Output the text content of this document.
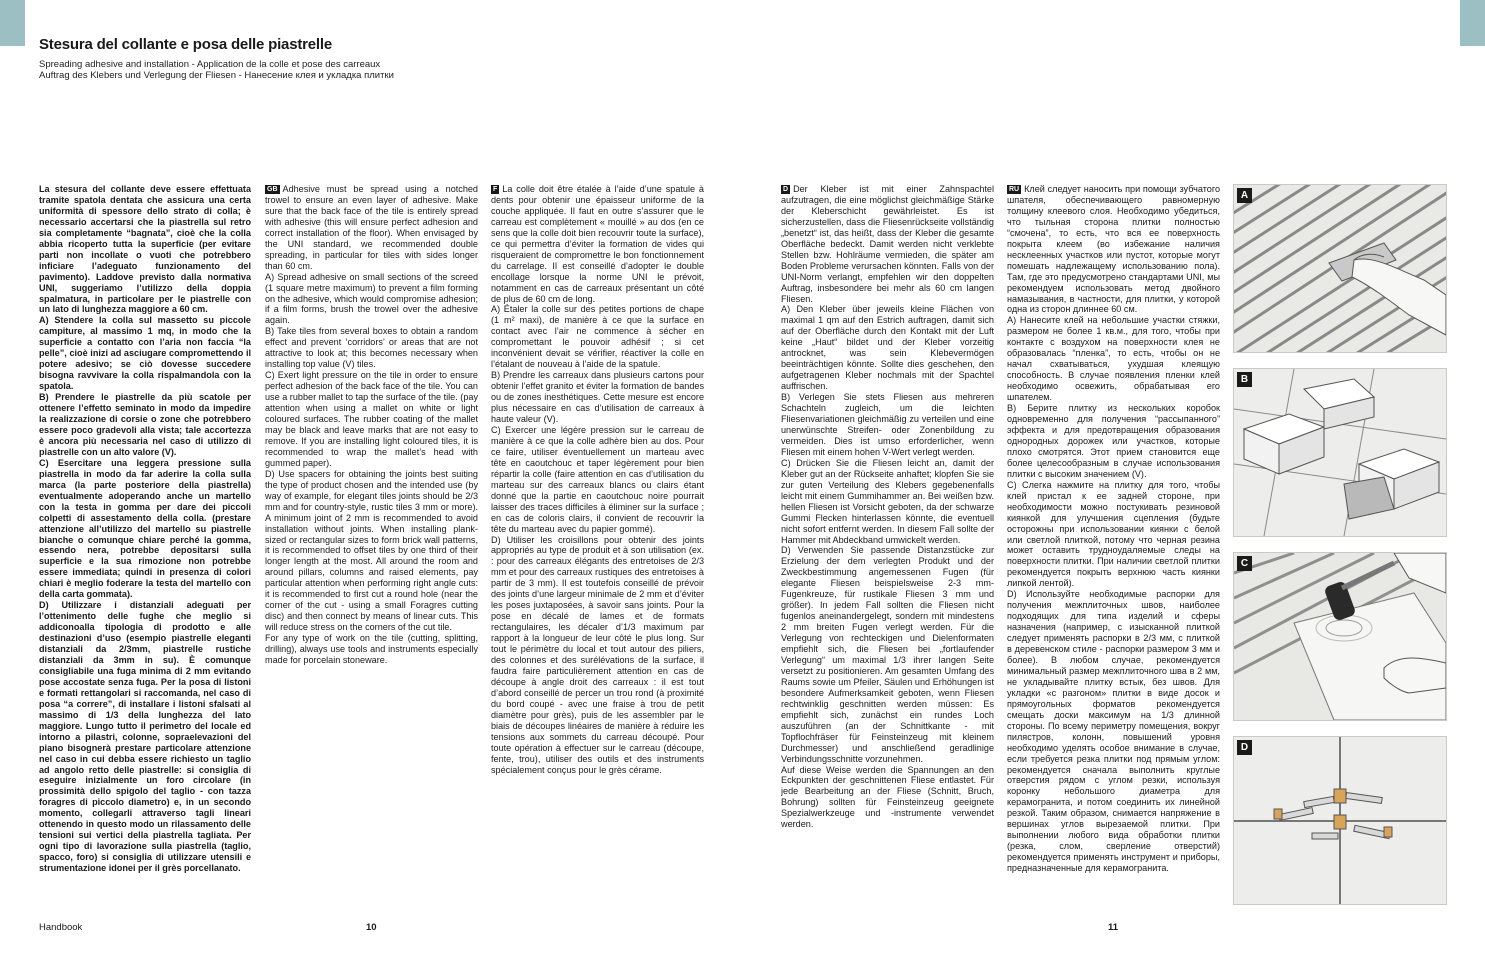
Stesura del collante e posa delle piastrelle
Spreading adhesive and installation - Application de la colle et pose des carreaux
Auftrag des Klebers und Verlegung der Fliesen - Нанесение клея и укладка плитки

La stesura del collante deve essere effettuata tramite spatola dentata che assicura una certa uniformità di spessore dello strato di colla; è necessario accertarsi che la piastrella sul retro sia completamente “bagnata”, cioè che la colla abbia ricoperto tutta la superficie (per evitare parti non incollate o vuoti che potrebbero inficiare l’adeguato funzionamento del pavimento). Laddove previsto dalla normativa UNI, suggeriamo l’utilizzo della doppia spalmatura, in particolare per le piastrelle con un lato di lunghezza maggiore a 60 cm.

A) Stendere la colla sul massetto su piccole campiture, al massimo 1 mq, in modo che la superficie a contatto con l’aria non faccia “la pelle”, cioè inizi ad asciugare compromettendo il potere adesivo; se ciò dovesse succedere bisogna ravvivare la colla rispalmandola con la spatola.

B) Prendere le piastrelle da più scatole per ottenere l’effetto seminato in modo da impedire la realizzazione di corsie o zone che potrebbero essere poco gradevoli alla vista; tale accortezza è ancora più necessaria nel caso di utilizzo di piastrelle con un alto valore (V).

C) Esercitare una leggera pressione sulla piastrella in modo da far aderire la colla sulla marca (la parte posteriore della piastrella) eventualmente adoperando anche un martello con la testa in gomma per dare dei piccoli colpetti di assestamento della colla. (prestare attenzione all’utilizzo del martello su piastrelle bianche o comunque chiare perché la gomma, essendo nera, potrebbe depositarsi sulla superficie e la sua rimozione non potrebbe essere immediata; quindi in presenza di colori chiari è meglio foderare la testa del martello con della carta gommata).

D) Utilizzare i distanziali adeguati per l’ottenimento delle fughe che meglio si addiconoalla tipologia di prodotto e alle destinazioni d’uso (esempio piastrelle eleganti distanziali da 2/3mm, piastrelle rustiche distanziali da 3mm in su). È comunque consigliabile una fuga minima di 2 mm evitando pose accostate senza fuga. Per la posa di listoni e formati rettangolari si raccomanda, nel caso di posa “a correre”, di installare i listoni sfalsati al massimo di 1/3 della lunghezza del lato maggiore. Lungo tutto il perimetro del locale ed intorno a pilastri, colonne, sopraelevazioni del piano bisognerà prestare particolare attenzione nel caso in cui debba essere richiesto un taglio ad angolo retto delle piastrelle: si consiglia di eseguire inizialmente un foro circolare (in prossimità dello spigolo del taglio - con tazza foragres di piccolo diametro) e, in un secondo momento, collegarli attraverso tagli lineari ottenendo in questo modo un rilassamento delle tensioni sui vertici della piastrella tagliata. Per ogni tipo di lavorazione sulla piastrella (taglio, spacco, foro) si consiglia di utilizzare utensili e strumentazione idonei per il grès porcellanato.

GB Adhesive must be spread using a notched trowel to ensure an even layer of adhesive. Make sure that the back face of the tile is entirely spread with adhesive (this will ensure perfect adhesion and correct installation of the floor). When envisaged by the UNI standard, we recommended double spreading, in particular for tiles with sides longer than 60 cm.

A) Spread adhesive on small sections of the screed (1 square metre maximum) to prevent a film forming on the adhesive, which would compromise adhesion; if a film forms, brush the trowel over the adhesive again.

B) Take tiles from several boxes to obtain a random effect and prevent ‘corridors’ or areas that are not attractive to look at; this becomes necessary when installing top value (V) tiles.

C) Exert light pressure on the tile in order to ensure perfect adhesion of the back face of the tile. You can use a rubber mallet to tap the surface of the tile. (pay attention when using a mallet on white or light coloured surfaces. The rubber coating of the mallet may be black and leave marks that are not easy to remove. If you are installing light coloured tiles, it is recommended to wrap the mallet’s head with gummed paper).

D) Use spacers for obtaining the joints best suiting the type of product chosen and the intended use (by way of example, for elegant tiles joints should be 2/3 mm and for country-style, rustic tiles 3 mm or more). A minimum joint of 2 mm is recommended to avoid installation without joints. When installing plank-sized or rectangular sizes to form brick wall patterns, it is recommended to offset tiles by one third of their longer length at the most. All around the room and around pillars, columns and raised elements, pay particular attention when performing right angle cuts: it is recommended to first cut a round hole (near the corner of the cut - using a small Foragres cutting disc) and then connect by means of linear cuts. This will reduce stress on the corners of the cut tile.

For any type of work on the tile (cutting, splitting, drilling), always use tools and instruments especially made for porcelain stoneware.

F La colle doit être étalée à l’aide d’une spatule à dents pour obtenir une épaisseur uniforme de la couche appliquée. Il faut en outre s’assurer que le carreau est complètement « mouillé » au dos (en ce sens que la colle doit bien recouvrir toute la surface), ce qui permettra d’éviter la formation de vides qui risqueraient de compromettre le bon fonctionnement du carrelage. Il est conseillé d’adopter le double encollage lorsque la norme UNI le prévoit, notamment en cas de carreaux présentant un côté de plus de 60 cm de long.

A) Étaler la colle sur des petites portions de chape (1 m² maxi), de manière à ce que la surface en contact avec l’air ne commence à sécher en compromettant le pouvoir adhésif ; si cet inconvénient devait se vérifier, réactiver la colle en l’étalant de nouveau à l’aide de la spatule.

B) Prendre les carreaux dans plusieurs cartons pour obtenir l’effet granito et éviter la formation de bandes ou de zones inesthétiques. Cette mesure est encore plus nécessaire en cas d’utilisation de carreaux à haute valeur (V).

C) Exercer une légère pression sur le carreau de manière à ce que la colle adhère bien au dos. Pour ce faire, utiliser éventuellement un marteau avec tête en caoutchouc et taper légèrement pour bien répartir la colle (faire attention en cas d’utilisation du marteau sur des carreaux blancs ou clairs étant donné que la partie en caoutchouc noire pourrait laisser des traces difficiles à éliminer sur la surface ; en cas de coloris clairs, il convient de recouvrir la tête du marteau avec du papier gommé).

D) Utiliser les croisillons pour obtenir des joints appropriés au type de produit et à son utilisation (ex. : pour des carreaux élégants des entretoises de 2/3 mm et pour des carreaux rustiques des entretoises à partir de 3 mm). Il est toutefois conseillé de prévoir des joints d’une largeur minimale de 2 mm et d’éviter les poses juxtaposées, à savoir sans joints. Pour la pose en décalé de lames et de formats rectangulaires, les décaler d’1/3 maximum par rapport à la longueur de leur côté le plus long. Sur tout le périmètre du local et tout autour des piliers, des colonnes et des surélévations de la surface, il faudra faire particulièrement attention en cas de découpe à angle droit des carreaux : il est tout d’abord conseillé de percer un trou rond (à proximité du bord coupé - avec une fraise à trou de petit diamètre pour grès), puis de les assembler par le biais de découpes linéaires de manière à réduire les tensions aux sommets du carreau découpé. Pour toute opération à effectuer sur le carreau (découpe, fente, trou), utiliser des outils et des instruments spécialement conçus pour le grès cérame.

D Der Kleber ist mit einer Zahnspachtel aufzutragen, die eine möglichst gleichmäßige Stärke der Kleberschicht gewährleistet. Es ist sicherzustellen, dass die Fliesenrückseite vollständig „benetzt“ ist, das heißt, dass der Kleber die gesamte Oberfläche bedeckt. Damit werden nicht verklebte Stellen bzw. Hohlräume vermieden, die später am Boden Probleme verursachen könnten. Falls von der UNI-Norm verlangt, empfehlen wir den doppelten Auftrag, insbesondere bei mehr als 60 cm langen Fliesen.

A) Den Kleber über jeweils kleine Flächen von maximal 1 qm auf den Estrich auftragen, damit sich auf der Oberfläche durch den Kontakt mit der Luft keine „Haut“ bildet und der Kleber vorzeitig antrocknet, was sein Klebevermögen beeinträchtigen könnte. Sollte dies geschehen, den aufgetragenen Kleber nochmals mit der Spachtel auffrischen.

B) Verlegen Sie stets Fliesen aus mehreren Schachteln zugleich, um die leichten Fliesenvariationen gleichmäßig zu verteilen und eine unerwünschte Streifen- oder Zonenbildung zu vermeiden. Dies ist umso erforderlicher, wenn Fliesen mit einem hohen V-Wert verlegt werden.

C) Drücken Sie die Fliesen leicht an, damit der Kleber gut an der Rückseite anhaftet; klopfen Sie sie zur guten Verteilung des Klebers gegebenenfalls leicht mit einem Gummihammer an. Bei weißen bzw. hellen Fliesen ist Vorsicht geboten, da der schwarze Gummi Flecken hinterlassen könnte, die eventuell nicht sofort entfernt werden. In diesem Fall sollte der Hammer mit Abdeckband umwickelt werden.

D) Verwenden Sie passende Distanzstücke zur Erzielung der dem verlegten Produkt und der Zweckbestimmung angemessenen Fugen (für elegante Fliesen beispielsweise 2-3 mm-Fugenkreuze, für rustikale Fliesen 3 mm und größer). In jedem Fall sollten die Fliesen nicht fugenlos aneinandergelegt, sondern mit mindestens 2 mm breiten Fugen verlegt werden. Für die Verlegung von rechteckigen und Dielenformaten empfiehlt sich, die Fliesen bei „fortlaufender Verlegung“ um maximal 1/3 ihrer langen Seite versetzt zu positionieren. Am gesamten Umfang des Raums sowie um Pfeiler, Säulen und Erhöhungen ist besondere Aufmerksamkeit geboten, wenn Fliesen rechtwinklig geschnitten werden müssen: Es empfiehlt sich, zunächst ein rundes Loch auszuführen (an der Schnittkante - mit Topflochfräser für Feinsteinzeug mit kleinem Durchmesser) und anschließend geradlinige Verbindungsschnitte vorzunehmen.

Auf diese Weise werden die Spannungen an den Eckpunkten der geschnittenen Fliese entlastet. Für jede Bearbeitung an der Fliese (Schnitt, Bruch, Bohrung) sollten für Feinsteinzeug geeignete Spezialwerkzeuge und -instrumente verwendet werden.

RU Клей следует наносить при помощи зубчатого шпателя, обеспечивающего равномерную толщину клеевого слоя. Необходимо убедиться, что тыльная сторона плитки полностью “смочена”, то есть, что вся ее поверхность покрыта клеем (во избежание наличия несклеенных участков или пустот, которые могут помешать надлежащему использованию пола). Там, где это предусмотрено стандартами UNI, мы рекомендуем использовать метод двойного намазывания, в частности, для плитки, у которой одна из сторон длиннее 60 см.

A) Нанесите клей на небольшие участки стяжки, размером не более 1 кв.м., для того, чтобы при контакте с воздухом на поверхности клея не образовалась “пленка”, то есть, чтобы он не начал схватываться, ухудшая клеящую способность. В случае появления пленки клей необходимо освежить, обрабатывая его шпателем.

B) Берите плитку из нескольких коробок одновременно для получения “рассыпанного” эффекта и для предотвращения образования однородных дорожек или участков, которые плохо смотрятся. Этот прием становится еще более целесообразным в случае использования плитки с высоким значением (V).

C) Слегка нажмите на плитку для того, чтобы клей пристал к ее задней стороне, при необходимости можно постукивать резиновой киянкой для улучшения сцепления (будьте осторожны при использовании киянки с белой или светлой плиткой, потому что черная резина может оставить трудноудаляемые следы на поверхности плитки. При наличии светлой плитки рекомендуется покрыть верхнюю часть киянки липкой лентой).

D) Используйте необходимые распорки для получения межплиточных швов, наиболее подходящих для типа изделий и сферы назначения (например, с изысканной плиткой следует применять распорки в 2/3 мм, с плиткой в деревенском стиле - распорки размером 3 мм и более). В любом случае, рекомендуется минимальный размер межплиточного шва в 2 мм, не укладывайте плитку встык, без швов. Для укладки «с разгоном» плитки в виде досок и прямоугольных форматов рекомендуется смещать доски максимум на 1/3 длинной стороны. По всему периметру помещения, вокруг пилястров, колонн, повышений уровня необходимо уделять особое внимание в случае, если требуется резка плитки под прямым углом: рекомендуется сначала выполнить круглые отверстия рядом с углом резки, используя коронку небольшого диаметра для керамогранита, и потом соединить их линейной резкой. Таким образом, снимается напряжение в вершинах углов вырезаемой плитки. При выполнении любого вида обработки плитки (резка, слом, сверление отверстий) рекомендуется применять инструмент и приборы, предназначенные для керамогранита.

A
B
C
D
Handbook	10	11
